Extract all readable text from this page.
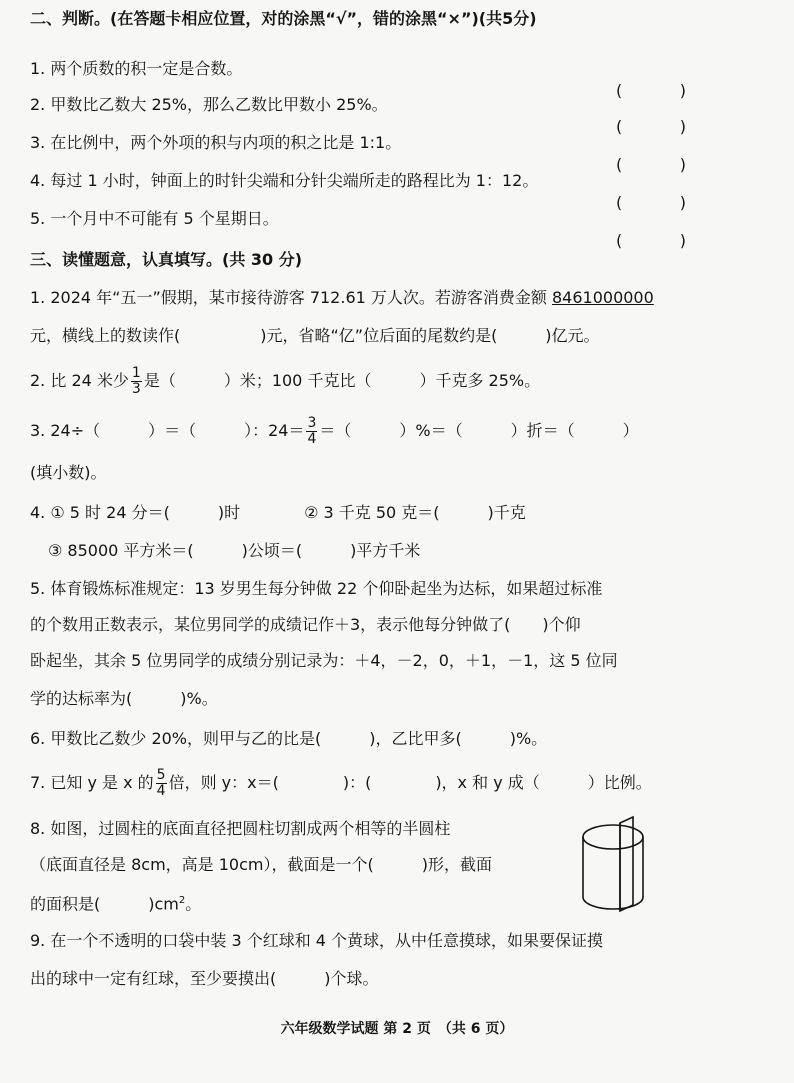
二、判断。(在答题卡相应位置，对的涂黑“√”，错的涂黑“×”)(共5分)
1. 两个质数的积一定是合数。
(	)
2. 甲数比乙数大 25%，那么乙数比甲数小 25%。
(	)
3. 在比例中，两个外项的积与内项的积之比是 1:1。
(	)
4. 每过 1 小时，钟面上的时针尖端和分针尖端所走的路程比为 1：12。
(	)
5. 一个月中不可能有 5 个星期日。
(	)
三、读懂题意，认真填写。(共 30 分)
1. 2024 年“五一”假期，某市接待游客 712.61 万人次。若游客消费金额 8461000000
元，横线上的数读作(　　　　　)元，省略“亿”位后面的尾数约是(　　　)亿元。
2. 比 24 米少 $\frac{1}{3}$ 是（　　　）米；100 千克比（　　　）千克多 25%。
3. 24÷（　　　）＝（　　　）：$24= \frac{3}{4}$ ＝（　　　）%＝（　　　）折＝（　　　）
(填小数)。
4. ① 5 时 24 分＝(　　　)时　　　　② 3 千克 50 克＝(　　　)千克
③ 85000 平方米＝(　　　)公顷＝(　　　)平方千米
5. 体育锻炼标准规定：13 岁男生每分钟做 22 个仰卧起坐为达标，如果超过标准
的个数用正数表示，某位男同学的成绩记作＋3，表示他每分钟做了(　　)个仰
卧起坐，其余 5 位男同学的成绩分别记录为：＋4，－2，0，＋1，－1，这 5 位同
学的达标率为(　　　)%。
6. 甲数比乙数少 20%，则甲与乙的比是(　　　)，乙比甲多(　　　)%。
7. 已知 y 是 x 的 $\frac{5}{4}$ 倍，则 y：x＝(　　　　)：(　　　　)，x 和 y 成（　　　）比例。
8. 如图，过圆柱的底面直径把圆柱切割成两个相等的半圆柱
（底面直径是 8cm，高是 10cm），截面是一个(　　　)形，截面
的面积是(　　　)$cm^2$。
9. 在一个不透明的口袋中装 3 个红球和 4 个黄球，从中任意摸球，如果要保证摸
出的球中一定有红球，至少要摸出(　　　)个球。
六年级数学试题 第 2 页　（共 6 页）
